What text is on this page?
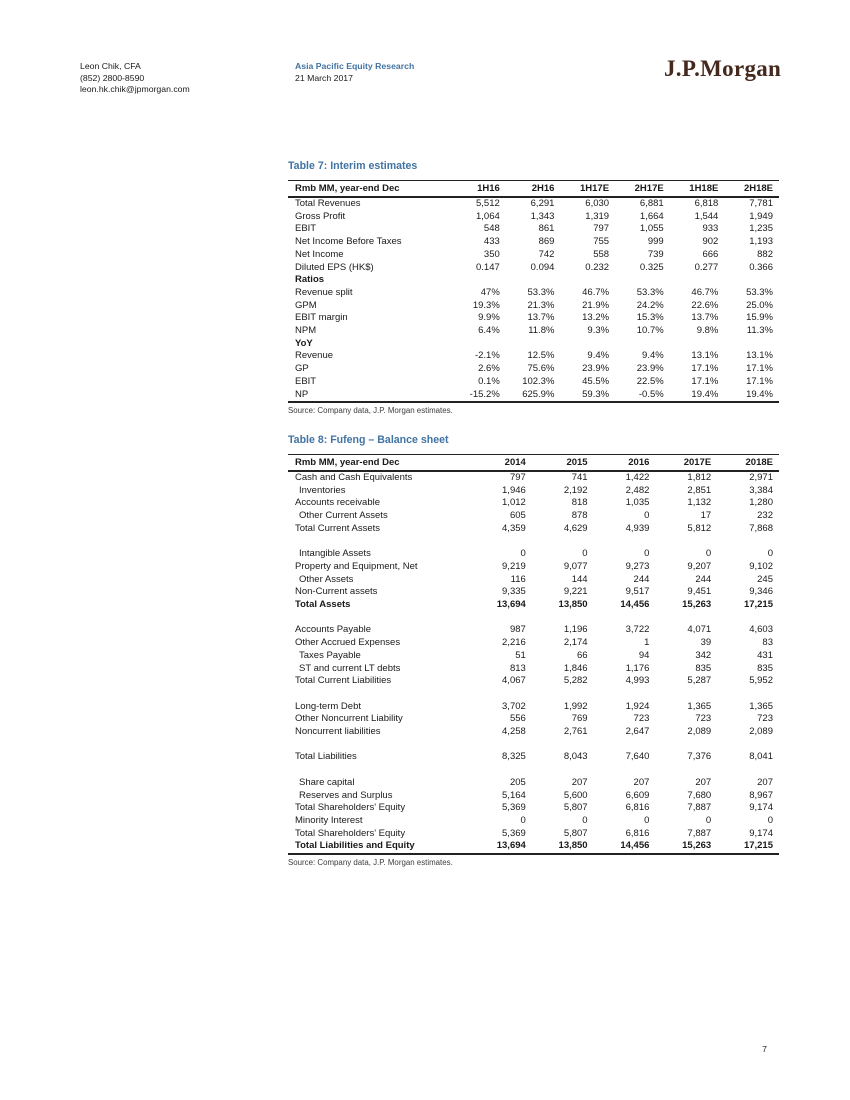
Leon Chik, CFA
(852) 2800-8590
leon.hk.chik@jpmorgan.com
Asia Pacific Equity Research
21 March 2017	J.P.Morgan
Table 7: Interim estimates
Rmb MM, year-end Dec	1H16	2H16	1H17E	2H17E	1H18E	2H18E
Total Revenues	5,512	6,291	6,030	6,881	6,818	7,781
Gross Profit	1,064	1,343	1,319	1,664	1,544	1,949
EBIT	548	861	797	1,055	933	1,235
Net Income Before Taxes	433	869	755	999	902	1,193
Net Income	350	742	558	739	666	882
Diluted EPS (HK$)	0.147	0.094	0.232	0.325	0.277	0.366
Ratios						
Revenue split	47%	53.3%	46.7%	53.3%	46.7%	53.3%
GPM	19.3%	21.3%	21.9%	24.2%	22.6%	25.0%
EBIT margin	9.9%	13.7%	13.2%	15.3%	13.7%	15.9%
NPM	6.4%	11.8%	9.3%	10.7%	9.8%	11.3%
YoY						
Revenue	-2.1%	12.5%	9.4%	9.4%	13.1%	13.1%
GP	2.6%	75.6%	23.9%	23.9%	17.1%	17.1%
EBIT	0.1%	102.3%	45.5%	22.5%	17.1%	17.1%
NP	-15.2%	625.9%	59.3%	-0.5%	19.4%	19.4%
Source: Company data, J.P. Morgan estimates.
Table 8: Fufeng – Balance sheet
Rmb MM, year-end Dec	2014	2015	2016	2017E	2018E
Cash and Cash Equivalents	797	741	1,422	1,812	2,971
Inventories	1,946	2,192	2,482	2,851	3,384
Accounts receivable	1,012	818	1,035	1,132	1,280
Other Current Assets	605	878	0	17	232
Total Current Assets	4,359	4,629	4,939	5,812	7,868

Intangible Assets	0	0	0	0	0
Property and Equipment, Net	9,219	9,077	9,273	9,207	9,102
Other Assets	116	144	244	244	245
Non-Current assets	9,335	9,221	9,517	9,451	9,346
Total Assets	13,694	13,850	14,456	15,263	17,215

Accounts Payable	987	1,196	3,722	4,071	4,603
Other Accrued Expenses	2,216	2,174	1	39	83
Taxes Payable	51	66	94	342	431
ST and current LT debts	813	1,846	1,176	835	835
Total Current Liabilities	4,067	5,282	4,993	5,287	5,952

Long-term Debt	3,702	1,992	1,924	1,365	1,365
Other Noncurrent Liability	556	769	723	723	723
Noncurrent liabilities	4,258	2,761	2,647	2,089	2,089

Total Liabilities	8,325	8,043	7,640	7,376	8,041

Share capital	205	207	207	207	207
Reserves and Surplus	5,164	5,600	6,609	7,680	8,967
Total Shareholders' Equity	5,369	5,807	6,816	7,887	9,174
Minority Interest	0	0	0	0	0
Total Shareholders' Equity	5,369	5,807	6,816	7,887	9,174
Total Liabilities and Equity	13,694	13,850	14,456	15,263	17,215
Source: Company data, J.P. Morgan estimates.
7
